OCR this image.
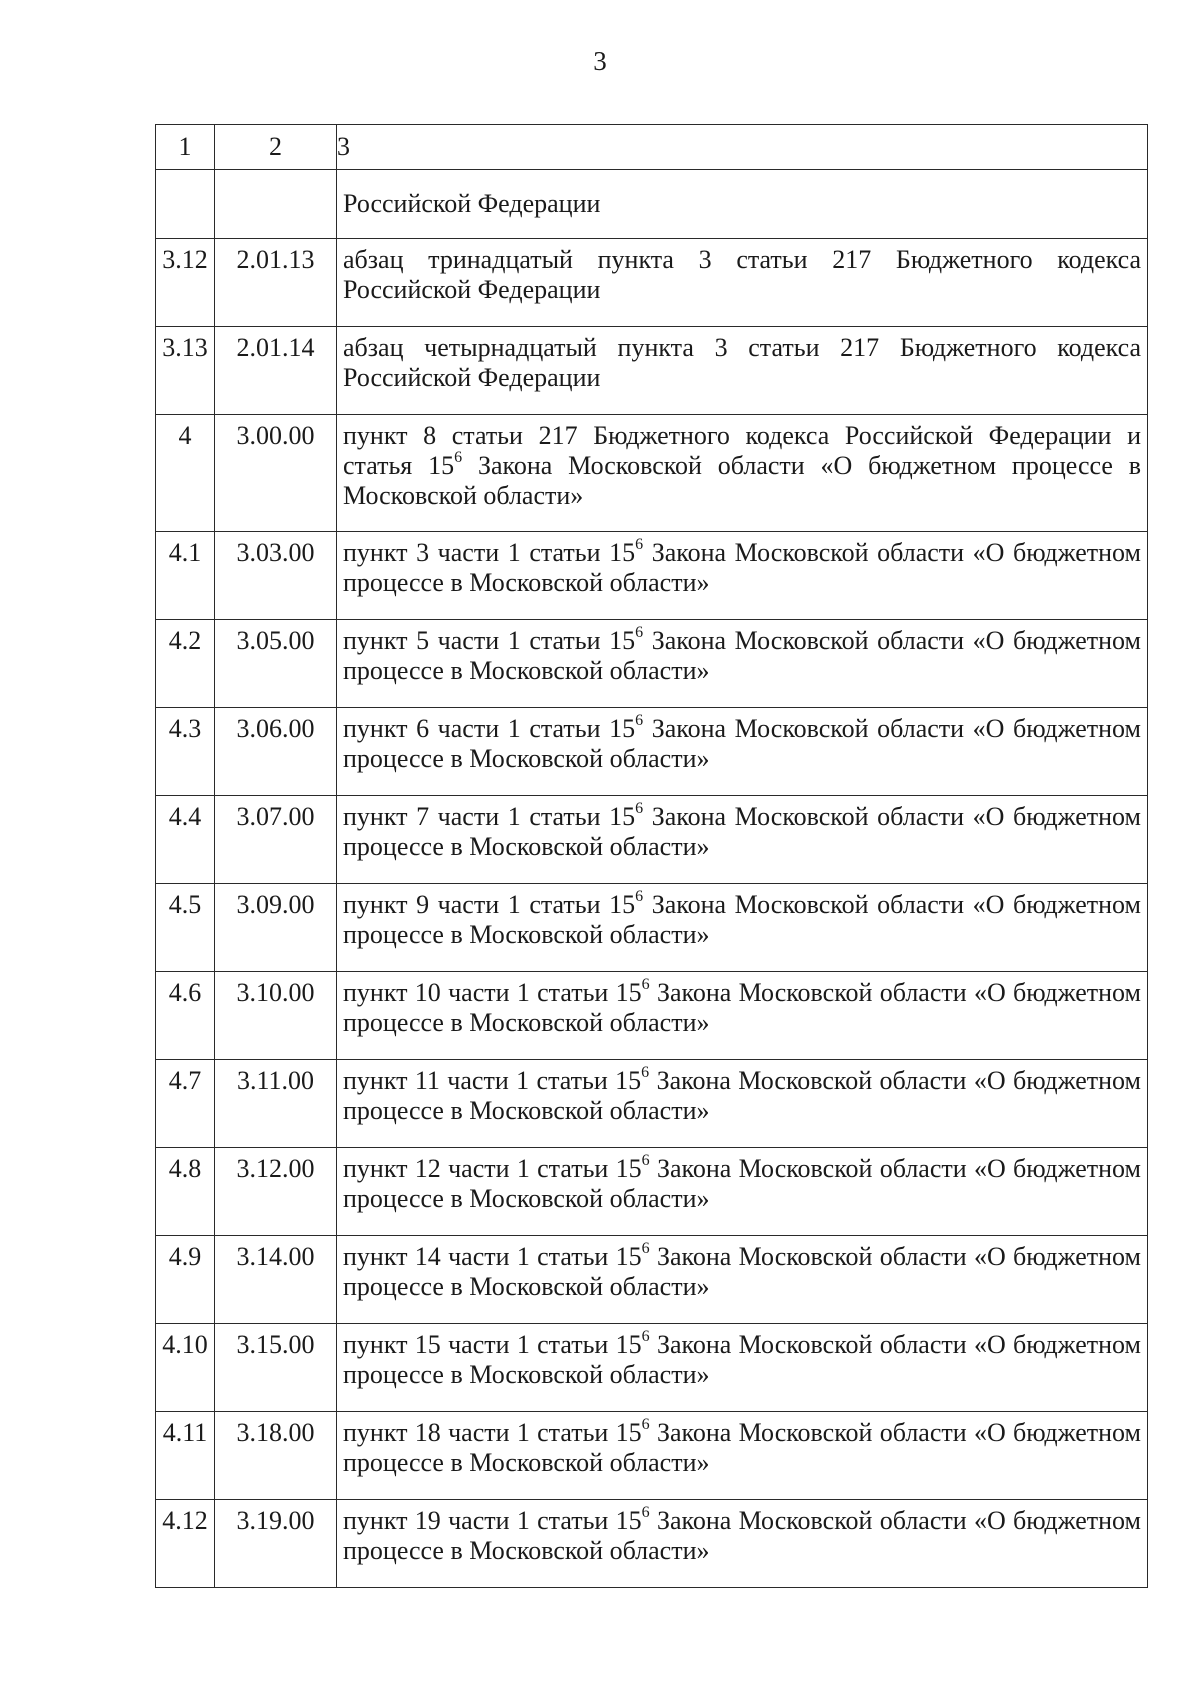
3
1	2	3
		Российской Федерации
3.12	2.01.13	абзац тринадцатый пункта 3 статьи 217 Бюджетного кодекса Российской Федерации
3.13	2.01.14	абзац четырнадцатый пункта 3 статьи 217 Бюджетного кодекса Российской Федерации
4	3.00.00	пункт 8 статьи 217 Бюджетного кодекса Российской Федерации и статья $15^6$ Закона Московской области «О бюджетном процессе в Московской области»
4.1	3.03.00	пункт 3 части 1 статьи $15^6$ Закона Московской области «О бюджетном процессе в Московской области»
4.2	3.05.00	пункт 5 части 1 статьи $15^6$ Закона Московской области «О бюджетном процессе в Московской области»
4.3	3.06.00	пункт 6 части 1 статьи $15^6$ Закона Московской области «О бюджетном процессе в Московской области»
4.4	3.07.00	пункт 7 части 1 статьи $15^6$ Закона Московской области «О бюджетном процессе в Московской области»
4.5	3.09.00	пункт 9 части 1 статьи $15^6$ Закона Московской области «О бюджетном процессе в Московской области»
4.6	3.10.00	пункт 10 части 1 статьи $15^6$ Закона Московской области «О бюджетном процессе в Московской области»
4.7	3.11.00	пункт 11 части 1 статьи $15^6$ Закона Московской области «О бюджетном процессе в Московской области»
4.8	3.12.00	пункт 12 части 1 статьи $15^6$ Закона Московской области «О бюджетном процессе в Московской области»
4.9	3.14.00	пункт 14 части 1 статьи $15^6$ Закона Московской области «О бюджетном процессе в Московской области»
4.10	3.15.00	пункт 15 части 1 статьи $15^6$ Закона Московской области «О бюджетном процессе в Московской области»
4.11	3.18.00	пункт 18 части 1 статьи $15^6$ Закона Московской области «О бюджетном процессе в Московской области»
4.12	3.19.00	пункт 19 части 1 статьи $15^6$ Закона Московской области «О бюджетном процессе в Московской области»
